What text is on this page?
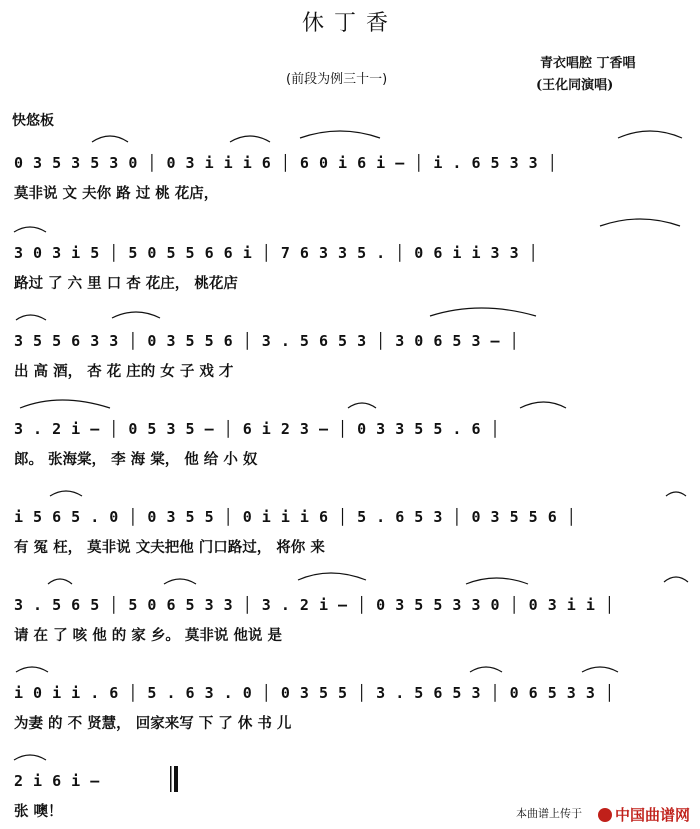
休丁香
(前段为例三十一)
青衣唱腔 丁香唱
(王化同演唱)
快悠板
0 3 5 3 5 3 0 │ 0 3 i i i 6 │ 6 0 i 6 i – │ i . 6 5 3 3 │
莫非说 文 夫你 路 过 桃 花店，
3 0 3 i 5 │ 5 0 5 5 6 6 i │ 7 6 3 3 5 . │ 0 6 i i 3 3 │
路过 了 六 里 口 杏 花庄， 桃花店
3 5 5 6 3 3 │ 0 3 5 5 6 │ 3 . 5 6 5 3 │ 3 0 6 5 3 – │
出 高 酒， 杏 花 庄的 女 子 戏 才
3 . 2 i – │ 0 5 3 5 – │ 6 i 2 3 – │ 0 3 3 5 5 . 6 │
郎。 张海棠， 李 海 棠， 他 给 小 奴
i 5 6 5 . 0 │ 0 3 5 5 │ 0 i i i 6 │ 5 . 6 5 3 │ 0 3 5 5 6 │
有 冤 枉， 莫非说 文夫把他 门口路过， 将你 来
3 . 5 6 5 │ 5 0 6 5 3 3 │ 3 . 2 i – │ 0 3 5 5 3 3 0 │ 0 3 i i │
请 在 了 咳 他 的 家 乡。 莫非说 他说 是
i 0 i i . 6 │ 5 . 6 3 . 0 │ 0 3 5 5 │ 3 . 5 6 5 3 │ 0 6 5 3 3 │
为妻 的 不 贤慧， 回家来写 下 了 休 书 儿
2 i 6 i –
张 噢！	本曲谱上传于	中国曲谱网
